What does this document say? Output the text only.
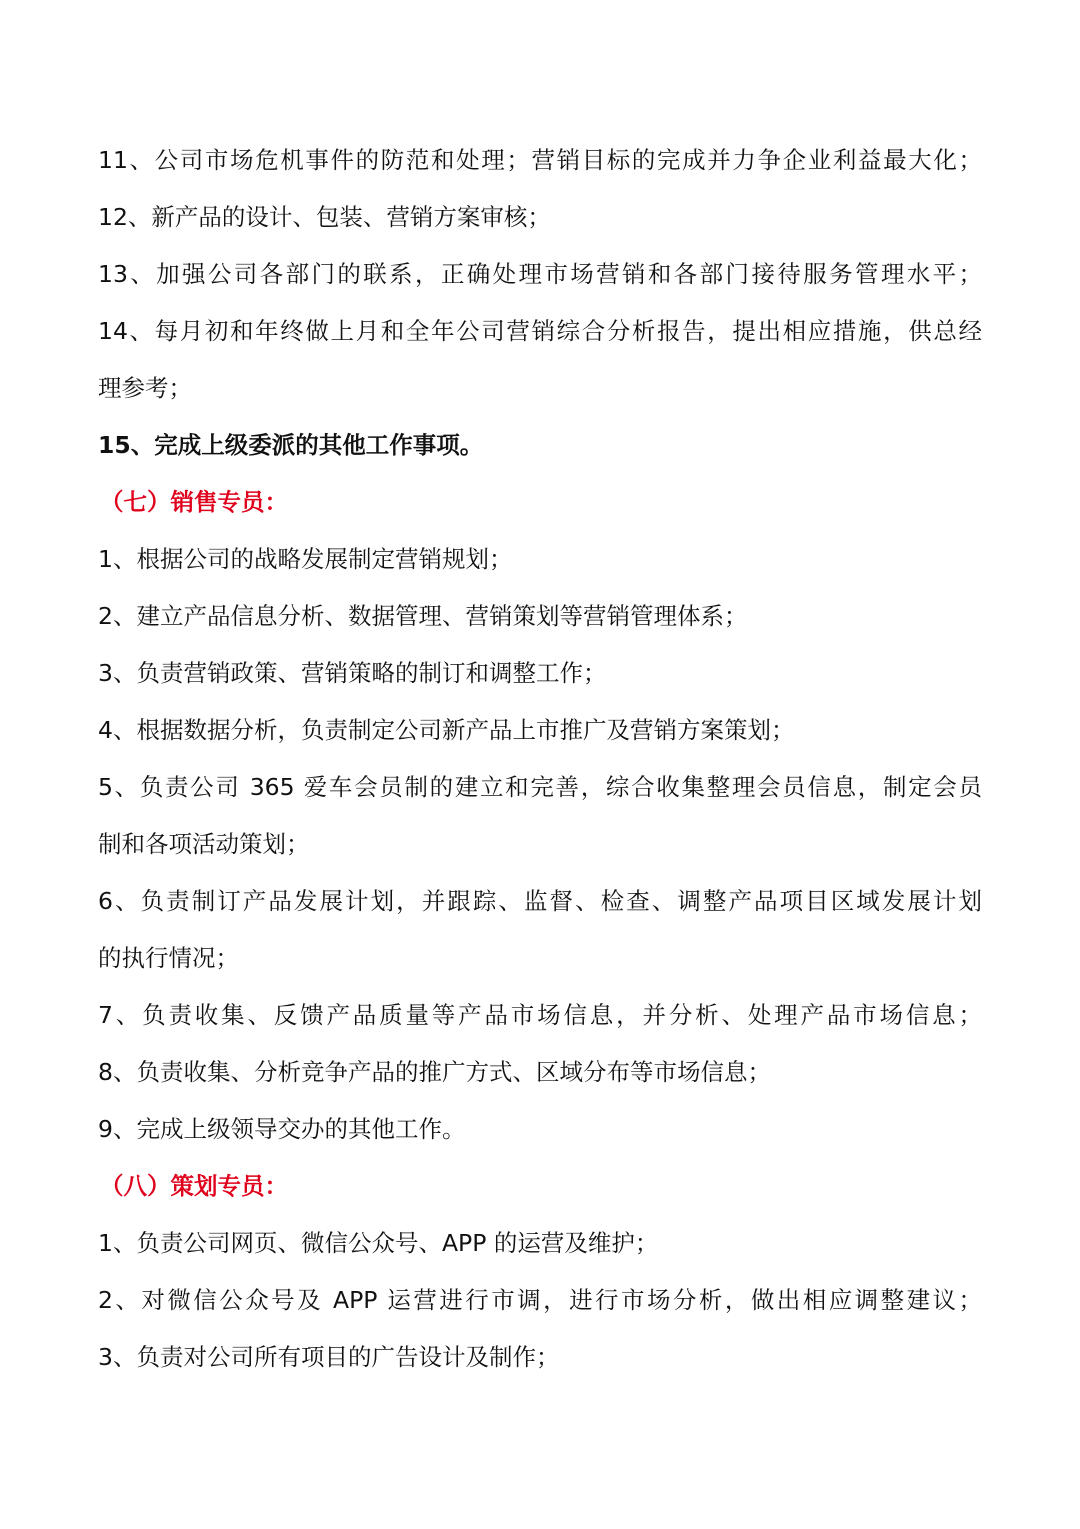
11、公司市场危机事件的防范和处理；营销目标的完成并力争企业利益最大化；
12、新产品的设计、包装、营销方案审核；
13、加强公司各部门的联系，正确处理市场营销和各部门接待服务管理水平；
14、每月初和年终做上月和全年公司营销综合分析报告，提出相应措施，供总经
理参考；
15、完成上级委派的其他工作事项。
（七）销售专员：
1、根据公司的战略发展制定营销规划；
2、建立产品信息分析、数据管理、营销策划等营销管理体系；
3、负责营销政策、营销策略的制订和调整工作；
4、根据数据分析，负责制定公司新产品上市推广及营销方案策划；
5、负责公司 365 爱车会员制的建立和完善，综合收集整理会员信息，制定会员
制和各项活动策划；
6、负责制订产品发展计划，并跟踪、监督、检查、调整产品项目区域发展计划
的执行情况；
7、负责收集、反馈产品质量等产品市场信息，并分析、处理产品市场信息；
8、负责收集、分析竞争产品的推广方式、区域分布等市场信息；
9、完成上级领导交办的其他工作。
（八）策划专员：
1、负责公司网页、微信公众号、APP 的运营及维护；
2、对微信公众号及 APP 运营进行市调，进行市场分析，做出相应调整建议；
3、负责对公司所有项目的广告设计及制作；
